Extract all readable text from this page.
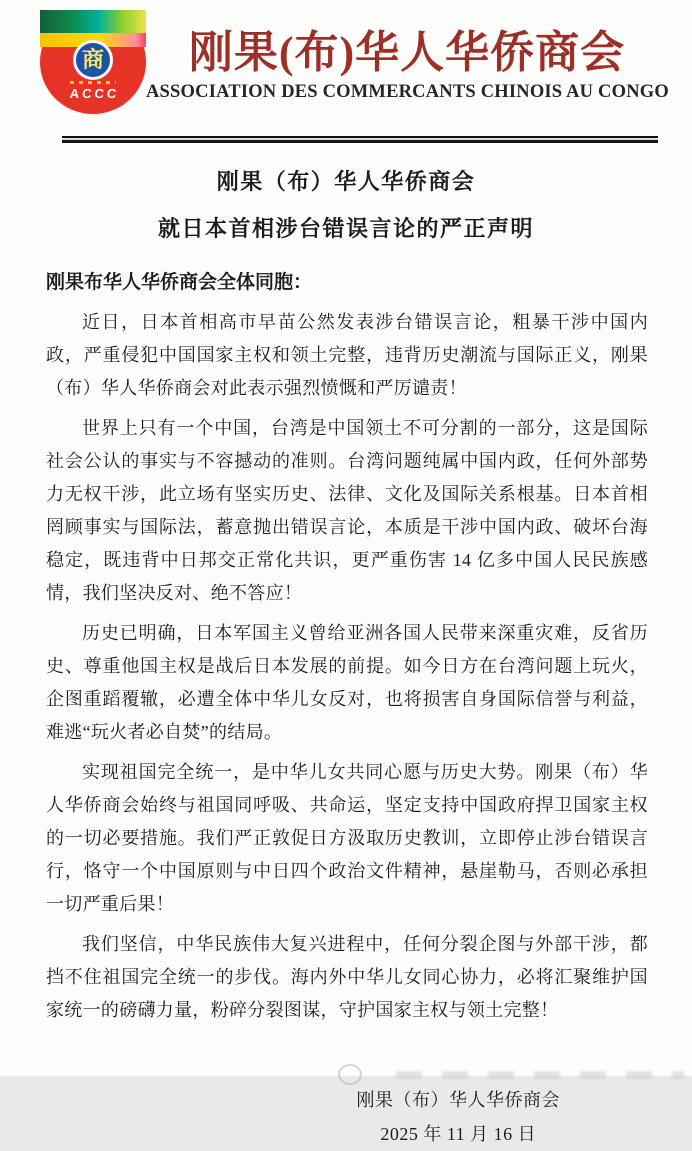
商
ACCC
刚果(布)华人华侨商会
ASSOCIATION DES COMMERCANTS CHINOIS AU CONGO
刚果（布）华人华侨商会
就日本首相涉台错误言论的严正声明
刚果布华人华侨商会全体同胞：

近日，日本首相高市早苗公然发表涉台错误言论，粗暴干涉中国内政，严重侵犯中国国家主权和领土完整，违背历史潮流与国际正义，刚果（布）华人华侨商会对此表示强烈愤慨和严厉谴责！

世界上只有一个中国，台湾是中国领土不可分割的一部分，这是国际社会公认的事实与不容撼动的准则。台湾问题纯属中国内政，任何外部势力无权干涉，此立场有坚实历史、法律、文化及国际关系根基。日本首相罔顾事实与国际法，蓄意抛出错误言论，本质是干涉中国内政、破坏台海稳定，既违背中日邦交正常化共识，更严重伤害 14 亿多中国人民民族感情，我们坚决反对、绝不答应！

历史已明确，日本军国主义曾给亚洲各国人民带来深重灾难，反省历史、尊重他国主权是战后日本发展的前提。如今日方在台湾问题上玩火，企图重蹈覆辙，必遭全体中华儿女反对，也将损害自身国际信誉与利益，难逃“玩火者必自焚”的结局。

实现祖国完全统一，是中华儿女共同心愿与历史大势。刚果（布）华人华侨商会始终与祖国同呼吸、共命运，坚定支持中国政府捍卫国家主权的一切必要措施。我们严正敦促日方汲取历史教训，立即停止涉台错误言行，恪守一个中国原则与中日四个政治文件精神，悬崖勒马，否则必承担一切严重后果！

我们坚信，中华民族伟大复兴进程中，任何分裂企图与外部干涉，都挡不住祖国完全统一的步伐。海内外中华儿女同心协力，必将汇聚维护国家统一的磅礴力量，粉碎分裂图谋，守护国家主权与领土完整！

刚果（布）华人华侨商会
2025 年 11 月 16 日
